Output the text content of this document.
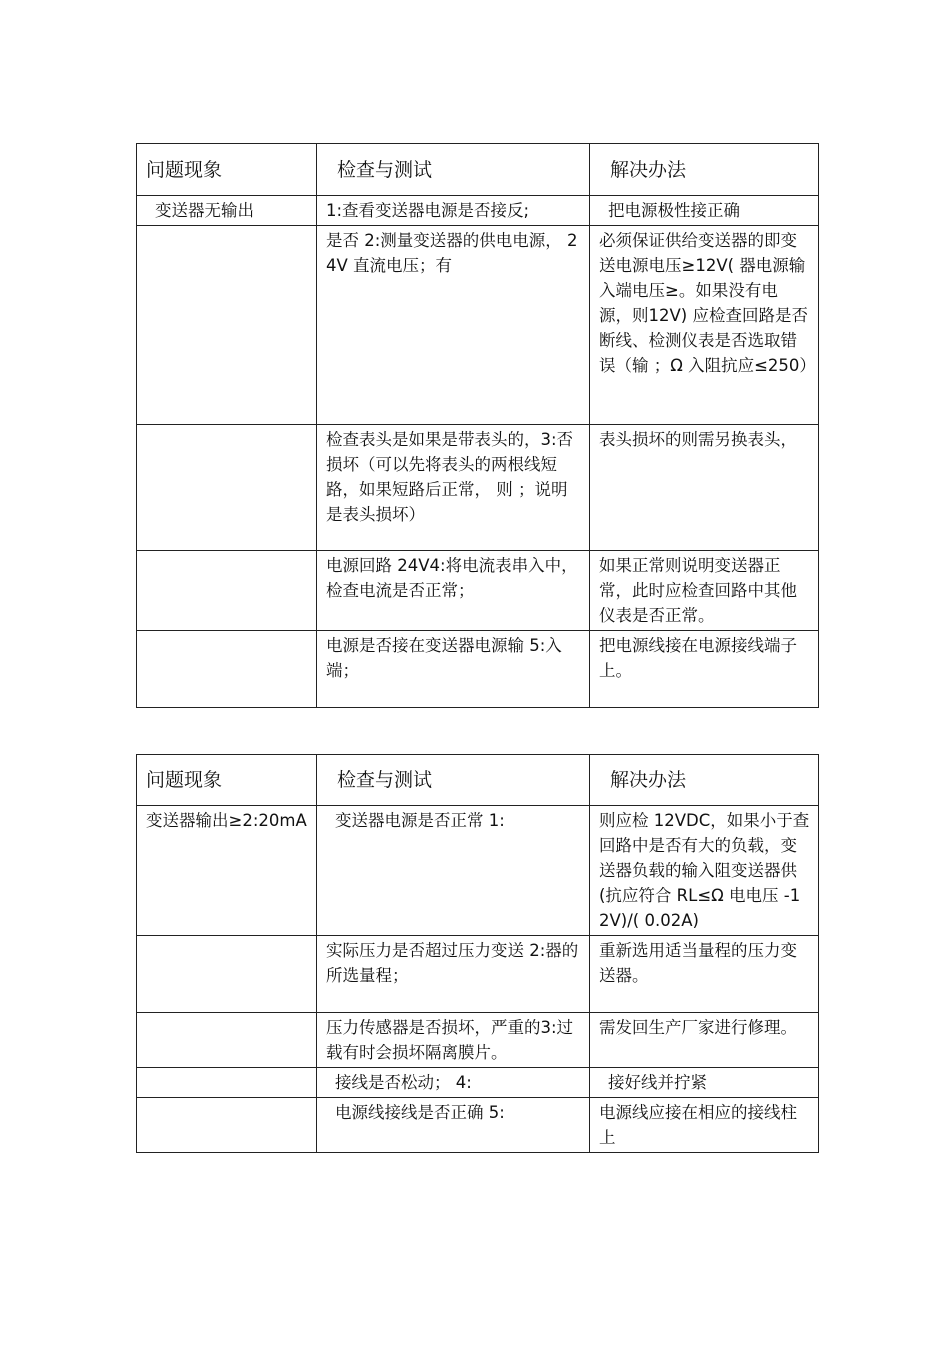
问题现象	检查与测试	解决办法
变送器无输出	1:查看变送器电源是否接反;	把电源极性接正确
	是否 2:测量变送器的供电电源， 24V 直流电压；有	必须保证供给变送器的即变送电源电压≥12V( 器电源输入端电压≥。如果没有电源，则12V) 应检查回路是否断线、检测仪表是否选取错误（输 ；Ω 入阻抗应≤250）
	检查表头是如果是带表头的，3:否损坏（可以先将表头的两根线短路，如果短路后正常， 则 ；说明是表头损坏）	表头损坏的则需另换表头，
	电源回路 24V4:将电流表串入中，检查电流是否正常；	如果正常则说明变送器正常，此时应检查回路中其他仪表是否正常。
	电源是否接在变送器电源输 5:入端；	把电源线接在电源接线端子上。
问题现象	检查与测试	解决办法
变送器输出≥2:20mA	变送器电源是否正常 1:	则应检 12VDC，如果小于查回路中是否有大的负载，变送器负载的输入阻变送器供 (抗应符合 RL≤Ω 电电压 -12V)/( 0.02A)
	实际压力是否超过压力变送 2:器的所选量程；	重新选用适当量程的压力变送器。
	压力传感器是否损坏，严重的3:过载有时会损坏隔离膜片。	需发回生产厂家进行修理。
	接线是否松动； 4:	接好线并拧紧
	电源线接线是否正确 5:	电源线应接在相应的接线柱上
